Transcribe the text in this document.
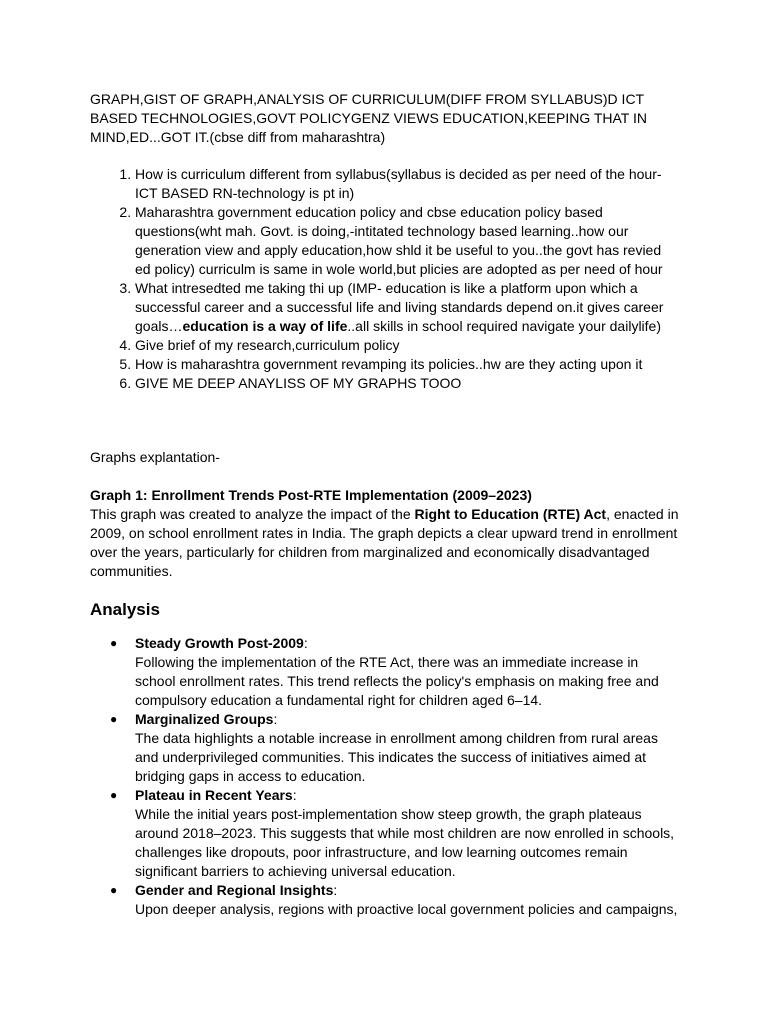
GRAPH,GIST OF GRAPH,ANALYSIS OF CURRICULUM(DIFF FROM SYLLABUS)D ICT BASED TECHNOLOGIES,GOVT POLICYGENZ VIEWS EDUCATION,KEEPING THAT IN MIND,ED...GOT IT.(cbse diff from maharashtra)

1. How is curriculum different from syllabus(syllabus is decided as per need of the hour-ICT BASED RN-technology is pt in)
2. Maharashtra government education policy and cbse education policy based questions(wht mah. Govt. is doing,-intitated technology based learning..how our generation view and apply education,how shld it be useful to you..the govt has revied ed policy) curriculm is same in wole world,but plicies are adopted as per need of hour
3. What intresedted me taking thi up (IMP- education is like a platform upon which a successful career and a successful life and living standards depend on.it gives career goals…education is a way of life..all skills in school required navigate your dailylife)
4. Give brief of my research,curriculum policy
5. How is maharashtra government revamping its policies..hw are they acting upon it
6. GIVE ME DEEP ANAYLISS OF MY GRAPHS TOOO

Graphs explantation-

Graph 1: Enrollment Trends Post-RTE Implementation (2009–2023)

This graph was created to analyze the impact of the Right to Education (RTE) Act, enacted in 2009, on school enrollment rates in India. The graph depicts a clear upward trend in enrollment over the years, particularly for children from marginalized and economically disadvantaged communities.

Analysis
● Steady Growth Post-2009:
Following the implementation of the RTE Act, there was an immediate increase in school enrollment rates. This trend reflects the policy's emphasis on making free and compulsory education a fundamental right for children aged 6–14.
● Marginalized Groups:
The data highlights a notable increase in enrollment among children from rural areas and underprivileged communities. This indicates the success of initiatives aimed at bridging gaps in access to education.
● Plateau in Recent Years:
While the initial years post-implementation show steep growth, the graph plateaus around 2018–2023. This suggests that while most children are now enrolled in schools, challenges like dropouts, poor infrastructure, and low learning outcomes remain significant barriers to achieving universal education.
● Gender and Regional Insights:
Upon deeper analysis, regions with proactive local government policies and campaigns,
